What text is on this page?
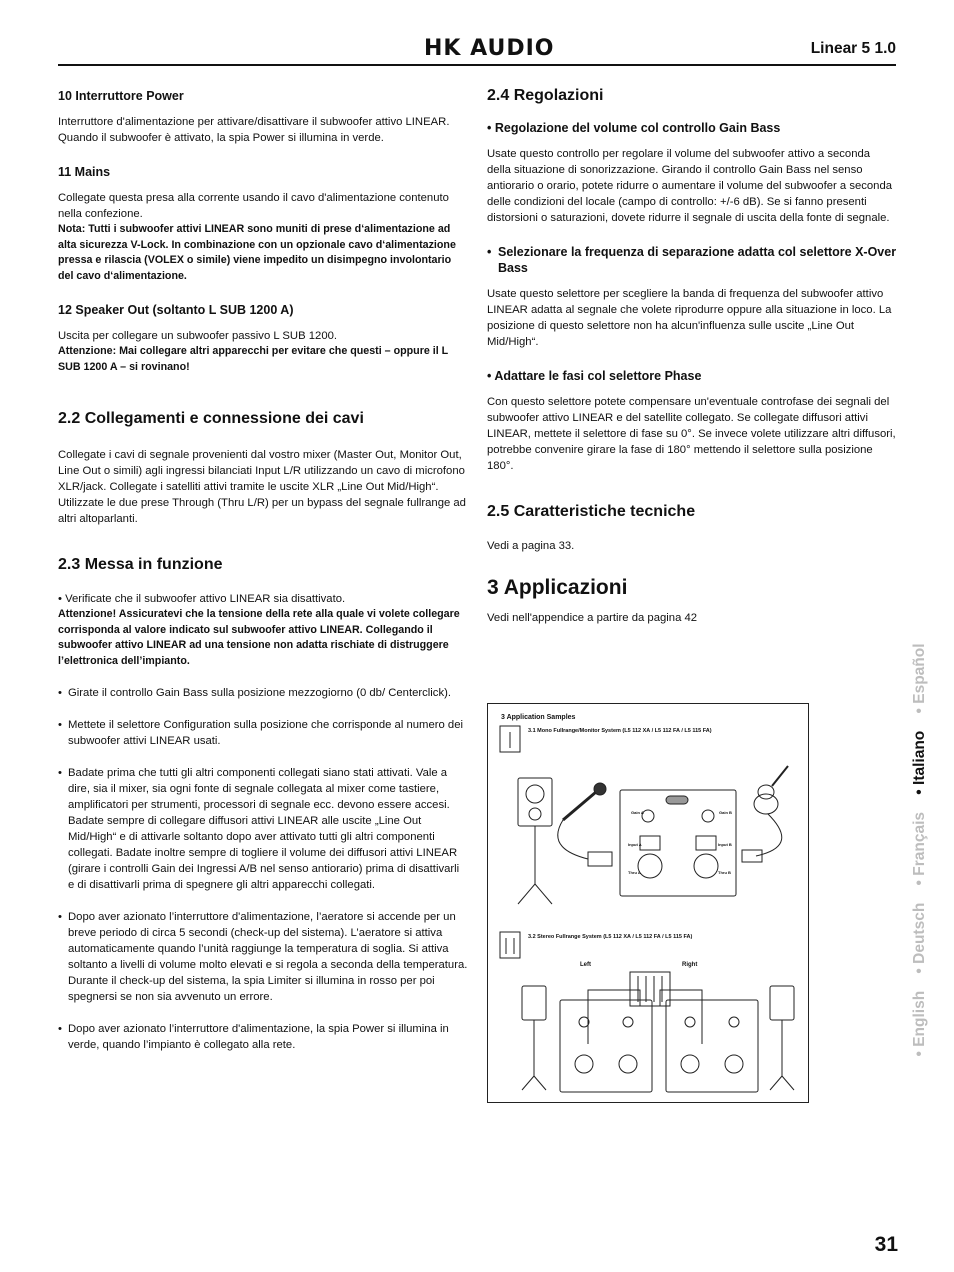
HK AUDIO	Linear 5 1.0
10 Interruttore Power

Interruttore d'alimentazione per attivare/disattivare il subwoofer attivo LINEAR. Quando il subwoofer è attivato, la spia Power si illumina in verde.

11 Mains

Collegate questa presa alla corrente usando il cavo d'alimentazione contenuto nella confezione.

Nota: Tutti i subwoofer attivi LINEAR sono muniti di prese d‘alimentazione ad alta sicurezza V-Lock. In combinazione con un opzionale cavo d‘alimentazione pressa e rilascia (VOLEX o simile) viene impedito un disimpegno involontario del cavo d‘alimentazione.

12 Speaker Out (soltanto L SUB 1200 A)

Uscita per collegare un subwoofer passivo L SUB 1200.

Attenzione: Mai collegare altri apparecchi per evitare che questi – oppure il L SUB 1200 A – si rovinano!

2.2 Collegamenti e connessione dei cavi

Collegate i cavi di segnale provenienti dal vostro mixer (Master Out, Monitor Out, Line Out o simili) agli ingressi bilanciati Input L/R utilizzando un cavo di microfono XLR/jack. Collegate i satelliti attivi tramite le uscite XLR „Line Out Mid/High“. Utilizzate le due prese Through (Thru L/R) per un bypass del segnale fullrange ad altri altoparlanti.

2.3 Messa in funzione

• Verificate che il subwoofer attivo LINEAR sia disattivato.

Attenzione! Assicuratevi che la tensione della rete alla quale vi volete collegare corrisponda al valore indicato sul subwoofer attivo LINEAR. Collegando il subwoofer attivo LINEAR ad una tensione non adatta rischiate di distruggere l’elettronica dell’impianto.

• Girate il controllo Gain Bass sulla posizione mezzogiorno (0 db/ Centerclick).
• Mettete il selettore Configuration sulla posizione che corrisponde al numero dei subwoofer attivi LINEAR usati.
• Badate prima che tutti gli altri componenti collegati siano stati attivati. Vale a dire, sia il mixer, sia ogni fonte di segnale collegata al mixer come tastiere, amplificatori per strumenti, processori di segnale ecc. devono essere accesi. Badate sempre di collegare diffusori attivi LINEAR alle uscite „Line Out Mid/High“ e di attivarle soltanto dopo aver attivato tutti gli altri componenti collegati. Badate inoltre sempre di togliere il volume dei diffusori attivi LINEAR (girare i controlli Gain dei Ingressi A/B nel senso antiorario) prima di disattivarli e di disattivarli prima di spegnere gli altri apparecchi collegati.
• Dopo aver azionato l’interruttore d'alimentazione, l’aeratore si accende per un breve periodo di circa 5 secondi (check-up del sistema). L’aeratore si attiva automaticamente quando l’unità raggiunge la temperatura di soglia. Si attiva soltanto a livelli di volume molto elevati e si regola a seconda della temperatura. Durante il check-up del sistema, la spia Limiter si illumina in rosso per poi spegnersi se non sia avvenuto un errore.
• Dopo aver azionato l’interruttore d'alimentazione, la spia Power si illumina in verde, quando l’impianto è collegato alla rete.
2.4 Regolazioni
• Regolazione del volume col controllo Gain Bass

Usate questo controllo per regolare il volume del subwoofer attivo a seconda della situazione di sonorizzazione. Girando il controllo Gain Bass nel senso antiorario o orario, potete ridurre o aumentare il volume del subwoofer a seconda delle condizioni del locale (campo di controllo: +/-6 dB). Se si fanno presenti distorsioni o saturazioni, dovete ridurre il segnale di uscita della fonte di segnale.

• Selezionare la frequenza di separazione adatta col selettore X-Over Bass

Usate questo selettore per scegliere la banda di frequenza del subwoofer attivo LINEAR adatta al segnale che volete riprodurre oppure alla situazione in loco. La posizione di questo selettore non ha alcun'influenza sulle uscite „Line Out Mid/High“.

• Adattare le fasi col selettore Phase

Con questo selettore potete compensare un'eventuale controfase dei segnali del subwoofer attivo LINEAR e del satellite collegato. Se collegate diffusori attivi LINEAR, mettete il selettore di fase su 0°. Se invece volete utilizzare altri diffusori, potrebbe convenire girare la fase di 180° mettendo il selettore sulla posizione 180°.

2.5 Caratteristiche tecniche

Vedi a pagina 33.

3 Applicazioni

Vedi nell'appendice a partire da pagina 42

3 Application Samples
3.1 Mono Fullrange/Monitor System (L5 112 XA / L5 112 FA / L5 115 FA)
3.2 Stereo Fullrange System (L5 112 XA / L5 112 FA / L5 115 FA)
Gain A	Gain B
Input A	Input B
Thru A	Thru B
Left	Right
• English    • Deutsch    • Français    • Italiano    • Español
31
